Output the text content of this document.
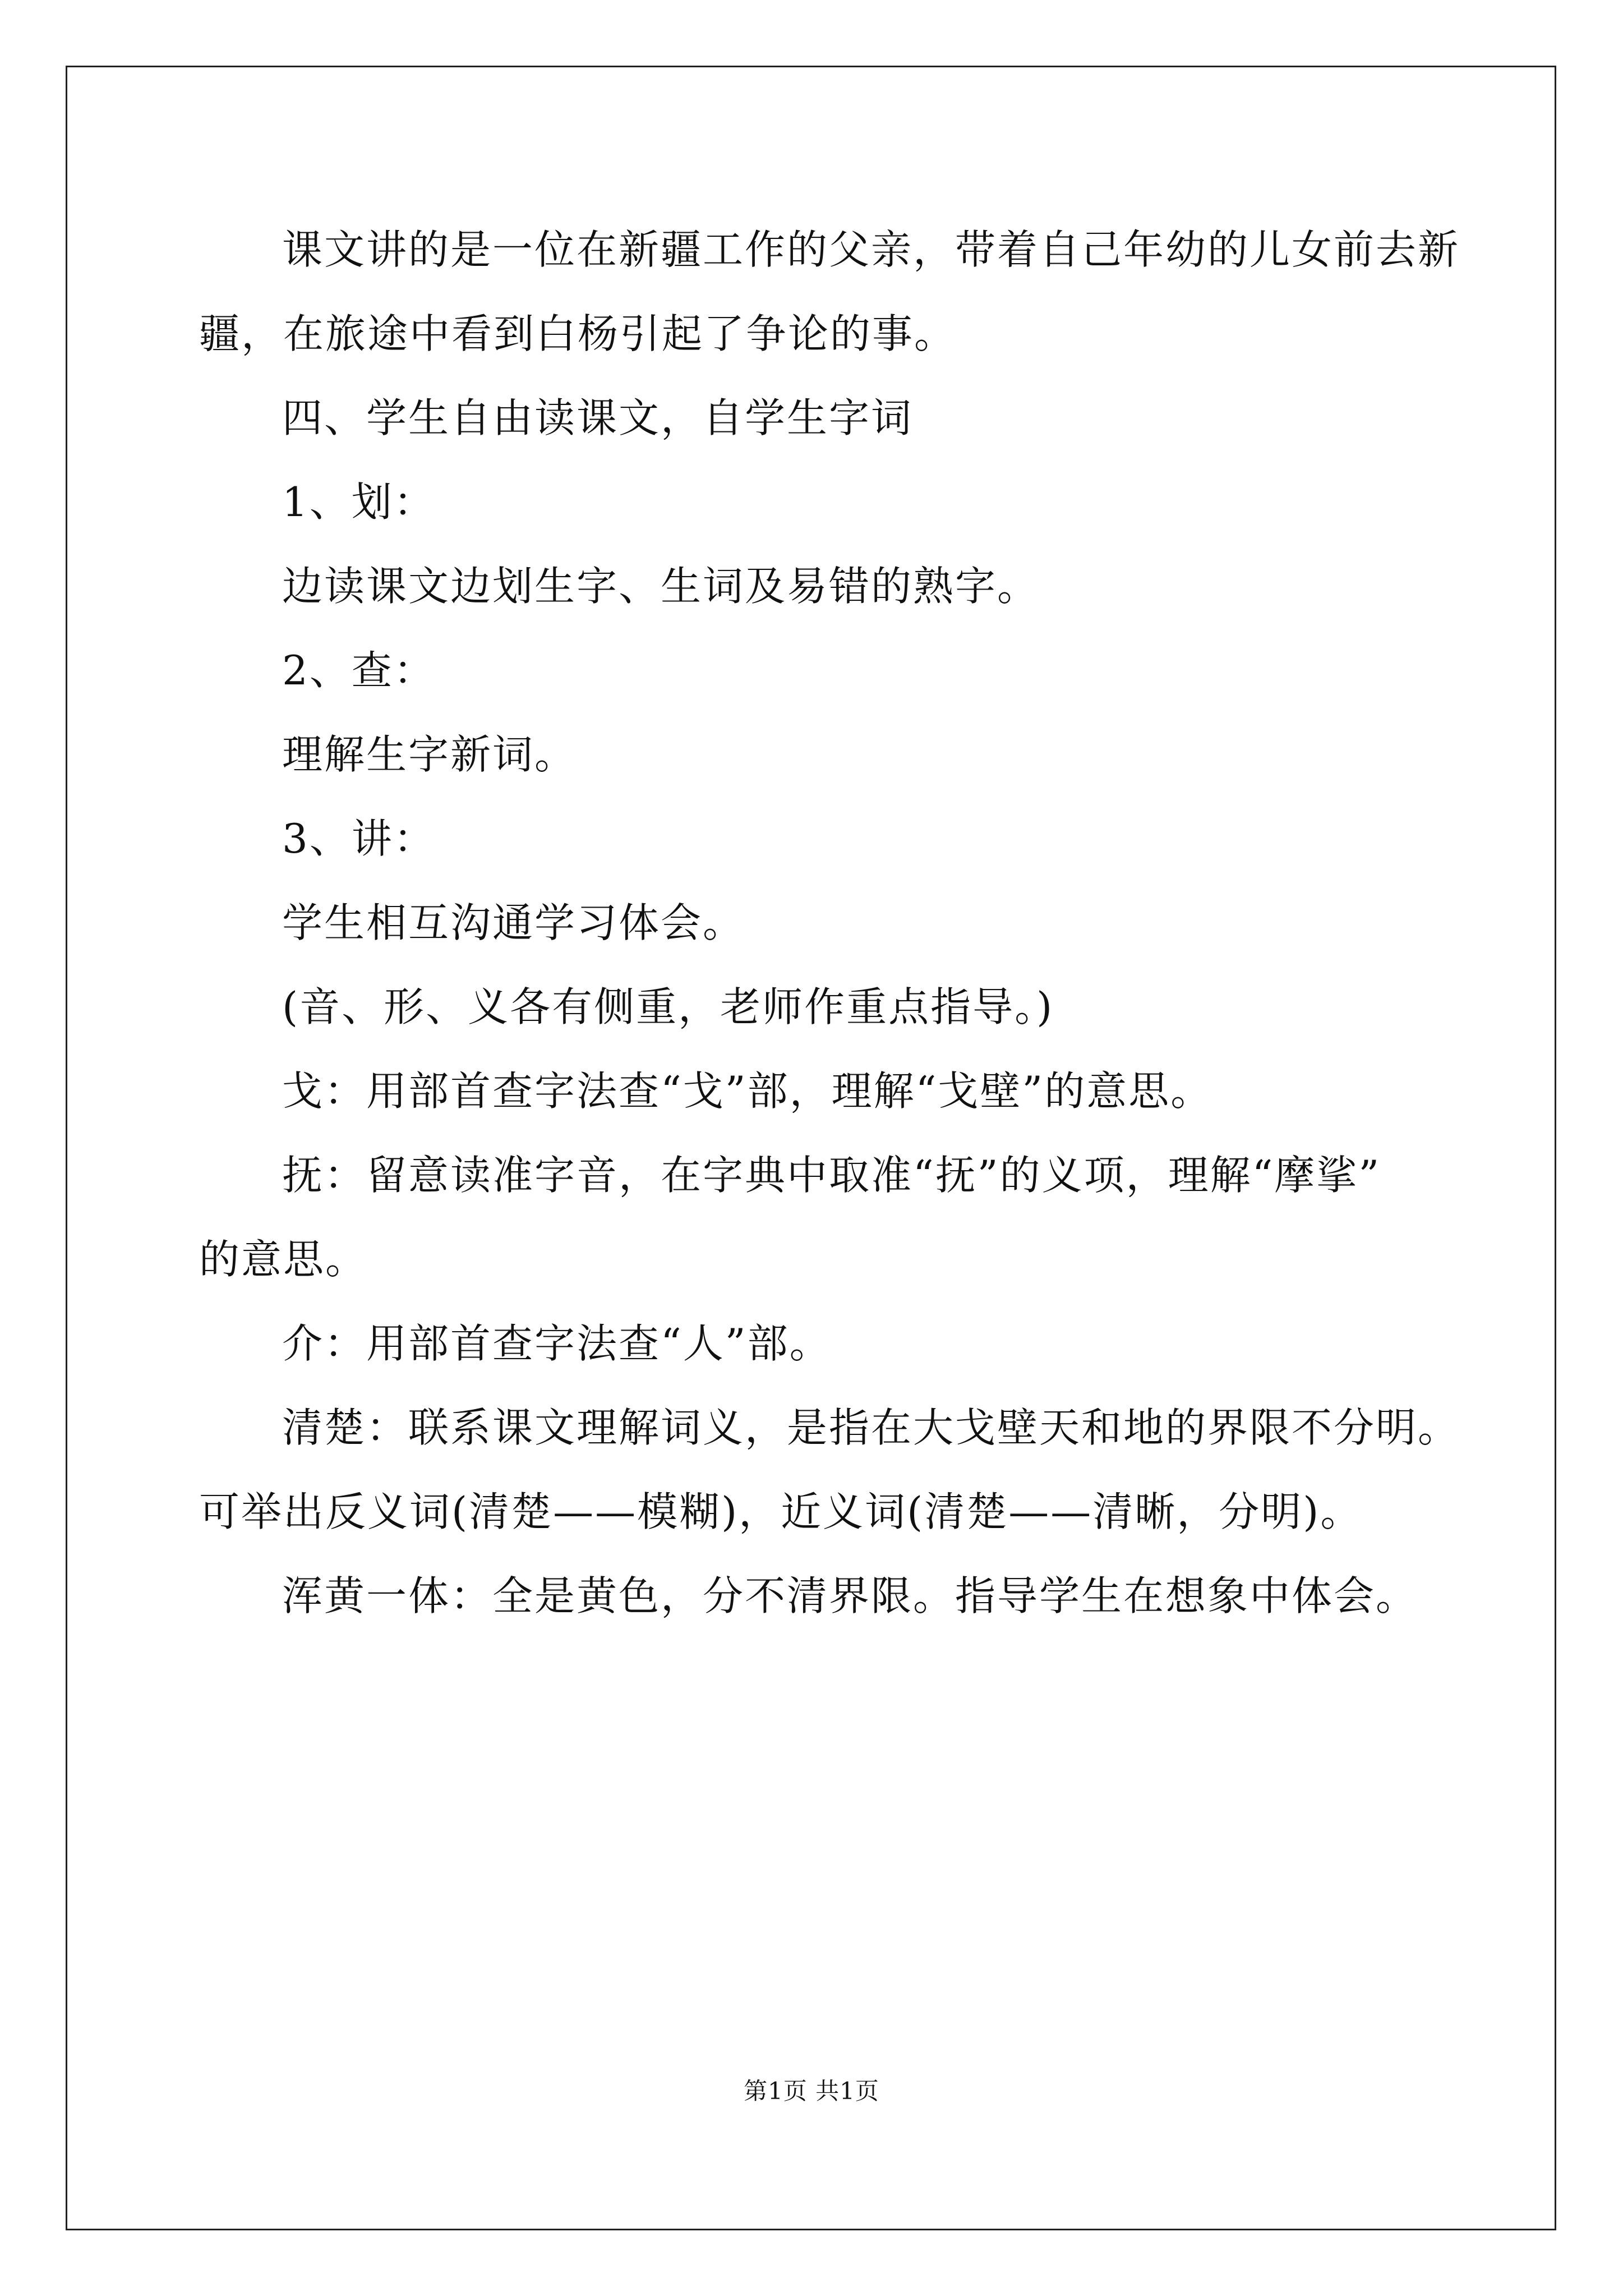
课文讲的是一位在新疆工作的父亲，带着自己年幼的儿女前去新

疆，在旅途中看到白杨引起了争论的事。

四、学生自由读课文，自学生字词

1、划：

边读课文边划生字、生词及易错的熟字。

2、查：

理解生字新词。

3、讲：

学生相互沟通学习体会。

(音、形、义各有侧重，老师作重点指导。)

戈：用部首查字法查“戈”部，理解“戈壁”的意思。

抚：留意读准字音，在字典中取准“抚”的义项，理解“摩挲”

的意思。

介：用部首查字法查“人”部。

清楚：联系课文理解词义，是指在大戈壁天和地的界限不分明。

可举出反义词(清楚——模糊)，近义词(清楚——清晰，分明)。

浑黄一体：全是黄色，分不清界限。指导学生在想象中体会。

第1页 共1页
